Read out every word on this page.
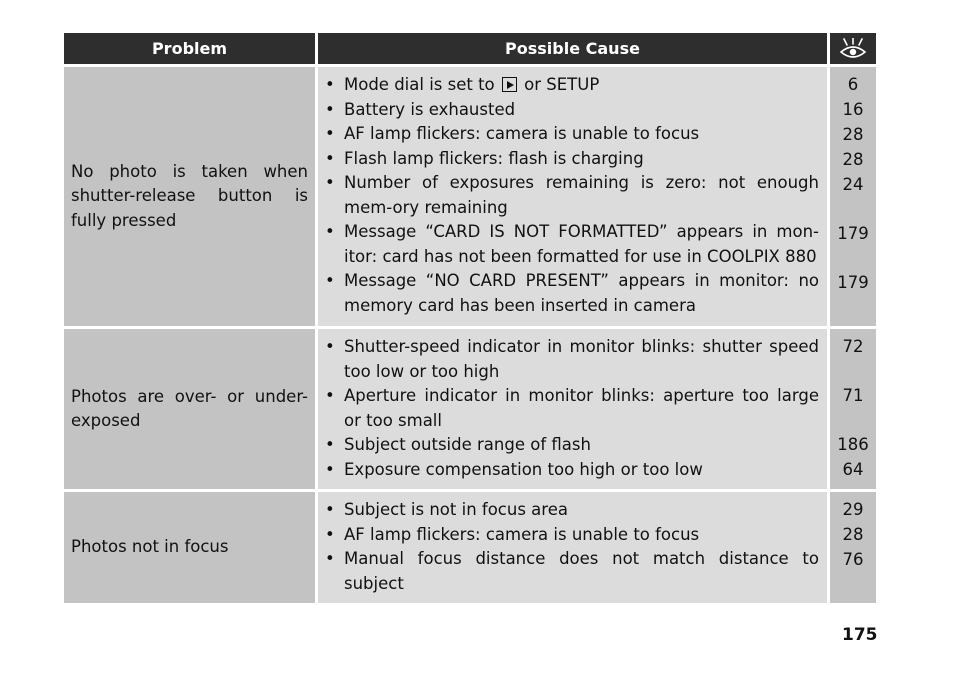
Problem	Possible Cause
No photo is taken when shutter-release button is fully pressed
• Mode dial is set to  or SETUP
• Battery is exhausted
• AF lamp flickers: camera is unable to focus
• Flash lamp flickers: flash is charging
• Number of exposures remaining is zero: not enough mem-ory remaining
• Message “CARD IS NOT FORMATTED” appears in mon-itor: card has not been formatted for use in COOLPIX 880
• Message “NO CARD PRESENT” appears in monitor: no memory card has been inserted in camera
6
16
28
28
24
179
179
Photos are over- or under-exposed
• Shutter-speed indicator in monitor blinks: shutter speed too low or too high
• Aperture indicator in monitor blinks: aperture too large or too small
• Subject outside range of flash
• Exposure compensation too high or too low
72
71
186
64
Photos not in focus
• Subject is not in focus area
• AF lamp flickers: camera is unable to focus
• Manual focus distance does not match distance to subject
29
28
76
175
